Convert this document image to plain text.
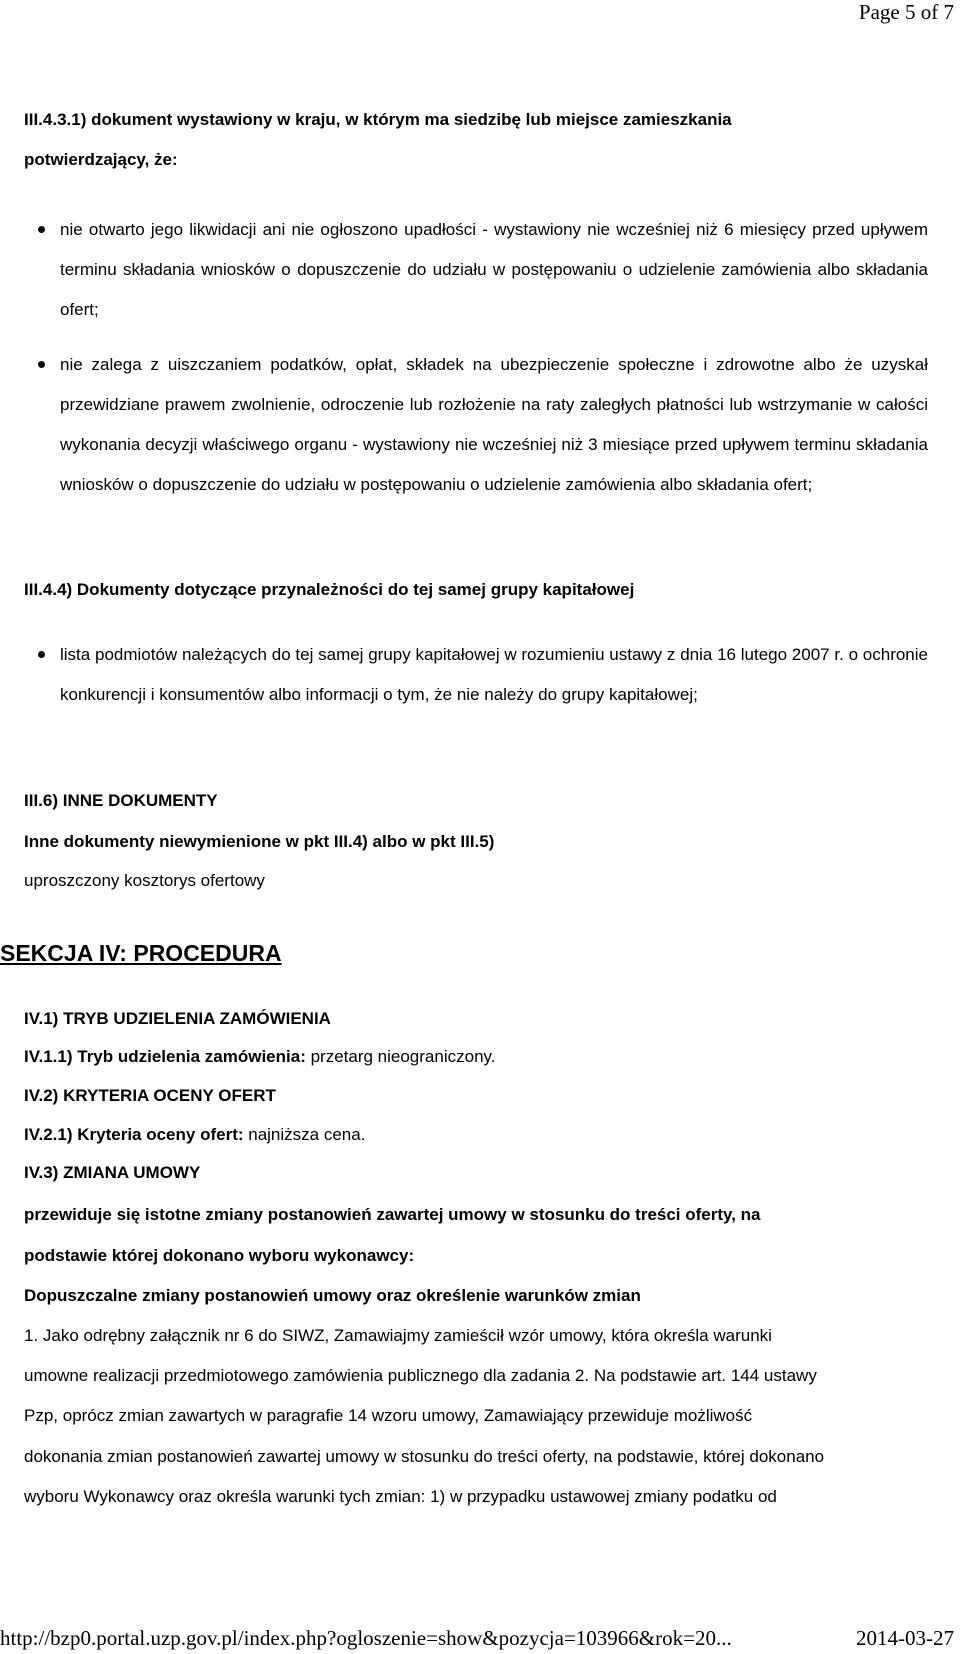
Page 5 of 7
III.4.3.1) dokument wystawiony w kraju, w którym ma siedzibę lub miejsce zamieszkania
potwierdzający, że:
nie otwarto jego likwidacji ani nie ogłoszono upadłości - wystawiony nie wcześniej niż 6 miesięcy przed upływem terminu składania wniosków o dopuszczenie do udziału w postępowaniu o udzielenie zamówienia albo składania ofert;
nie zalega z uiszczaniem podatków, opłat, składek na ubezpieczenie społeczne i zdrowotne albo że uzyskał przewidziane prawem zwolnienie, odroczenie lub rozłożenie na raty zaległych płatności lub wstrzymanie w całości wykonania decyzji właściwego organu - wystawiony nie wcześniej niż 3 miesiące przed upływem terminu składania wniosków o dopuszczenie do udziału w postępowaniu o udzielenie zamówienia albo składania ofert;
III.4.4) Dokumenty dotyczące przynależności do tej samej grupy kapitałowej
lista podmiotów należących do tej samej grupy kapitałowej w rozumieniu ustawy z dnia 16 lutego 2007 r. o ochronie konkurencji i konsumentów albo informacji o tym, że nie należy do grupy kapitałowej;
III.6) INNE DOKUMENTY
Inne dokumenty niewymienione w pkt III.4) albo w pkt III.5)
uproszczony kosztorys ofertowy
SEKCJA IV: PROCEDURA
IV.1) TRYB UDZIELENIA ZAMÓWIENIA
IV.1.1) Tryb udzielenia zamówienia: przetarg nieograniczony.
IV.2) KRYTERIA OCENY OFERT
IV.2.1) Kryteria oceny ofert: najniższa cena.
IV.3) ZMIANA UMOWY
przewiduje się istotne zmiany postanowień zawartej umowy w stosunku do treści oferty, na
podstawie której dokonano wyboru wykonawcy:
Dopuszczalne zmiany postanowień umowy oraz określenie warunków zmian
1. Jako odrębny załącznik nr 6 do SIWZ, Zamawiajmy zamieścił wzór umowy, która określa warunki
umowne realizacji przedmiotowego zamówienia publicznego dla zadania 2. Na podstawie art. 144 ustawy
Pzp, oprócz zmian zawartych w paragrafie 14 wzoru umowy, Zamawiający przewiduje możliwość
dokonania zmian postanowień zawartej umowy w stosunku do treści oferty, na podstawie, której dokonano
wyboru Wykonawcy oraz określa warunki tych zmian: 1) w przypadku ustawowej zmiany podatku od
http://bzp0.portal.uzp.gov.pl/index.php?ogloszenie=show&pozycja=103966&rok=20...	2014-03-27
